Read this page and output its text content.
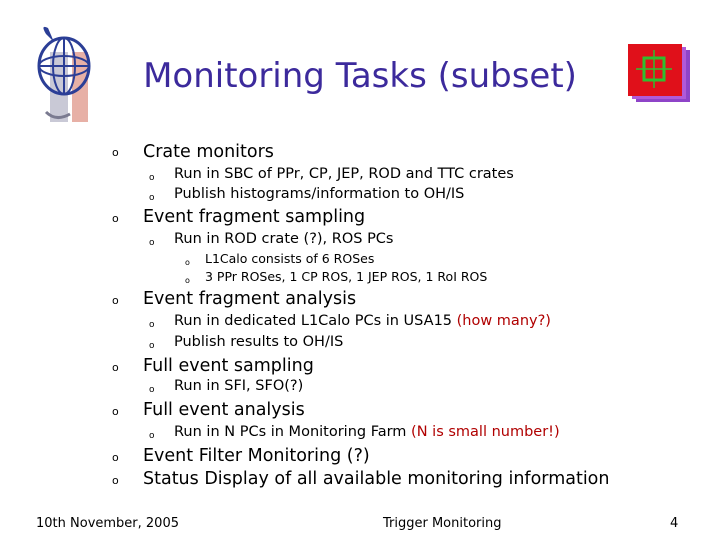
Monitoring Tasks (subset)
o Crate monitors
o Run in SBC of PPr, CP, JEP, ROD and TTC crates
o Publish histograms/information to OH/IS
o Event fragment sampling
o Run in ROD crate (?), ROS PCs
o L1Calo consists of 6 ROSes
o 3 PPr ROSes, 1 CP ROS, 1 JEP ROS, 1 RoI ROS
o Event fragment analysis
o Run in dedicated L1Calo PCs in USA15 (how many?)
o Publish results to OH/IS
o Full event sampling
o Run in SFI, SFO(?)
o Full event analysis
o Run in N PCs in Monitoring Farm (N is small number!)
o Event Filter Monitoring (?)
o Status Display of all available monitoring information
10th November, 2005	Trigger Monitoring	4
